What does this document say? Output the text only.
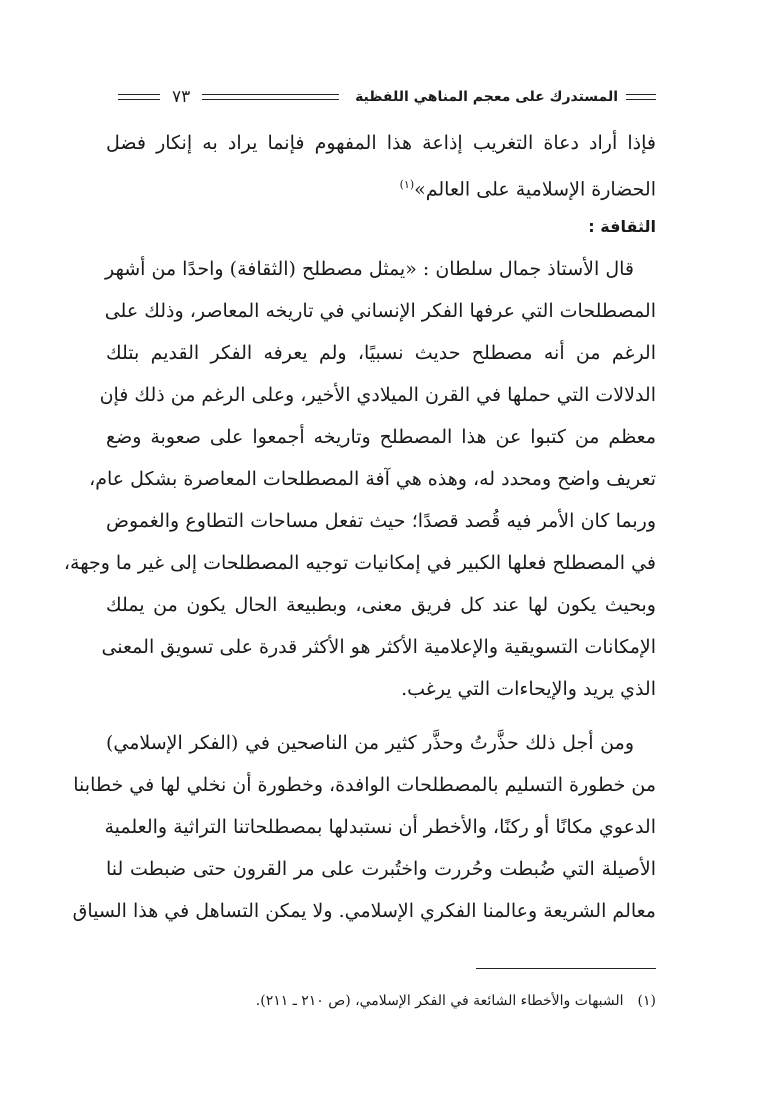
المستدرك على معجم المناهي اللفظية
٧٣
فإذا أراد دعاة التغريب إذاعة هذا المفهوم فإنما يراد به إنكار فضل
الحضارة الإسلامية على العالم»$^{(١)}$
الثقافة :
قال الأستاذ جمال سلطان : «يمثل مصطلح (الثقافة) واحدًا من أشهر
المصطلحات التي عرفها الفكر الإنساني في تاريخه المعاصر، وذلك على
الرغم من أنه مصطلح حديث نسبيًا، ولم يعرفه الفكر القديم بتلك
الدلالات التي حملها في القرن الميلادي الأخير، وعلى الرغم من ذلك فإن
معظم من كتبوا عن هذا المصطلح وتاريخه أجمعوا على صعوبة وضع
تعريف واضح ومحدد له، وهذه هي آفة المصطلحات المعاصرة بشكل عام،
وربما كان الأمر فيه قُصد قصدًا؛ حيث تفعل مساحات التطاوع والغموض
في المصطلح فعلها الكبير في إمكانيات توجيه المصطلحات إلى غير ما وجهة،
وبحيث يكون لها عند كل فريق معنى، وبطبيعة الحال يكون من يملك
الإمكانات التسويقية والإعلامية الأكثر هو الأكثر قدرة على تسويق المعنى
الذي يريد والإيحاءات التي يرغب.
ومن أجل ذلك حذَّرتُ وحذَّر كثير من الناصحين في (الفكر الإسلامي)
من خطورة التسليم بالمصطلحات الوافدة، وخطورة أن نخلي لها في خطابنا
الدعوي مكانًا أو ركنًا، والأخطر أن نستبدلها بمصطلحاتنا التراثية والعلمية
الأصيلة التي ضُبطت وحُررت واختُبرت على مر القرون حتى ضبطت لنا
معالم الشريعة وعالمنا الفكري الإسلامي. ولا يمكن التساهل في هذا السياق
(١)الشبهات والأخطاء الشائعة في الفكر الإسلامي، (ص ٢١٠ ـ ٢١١).
